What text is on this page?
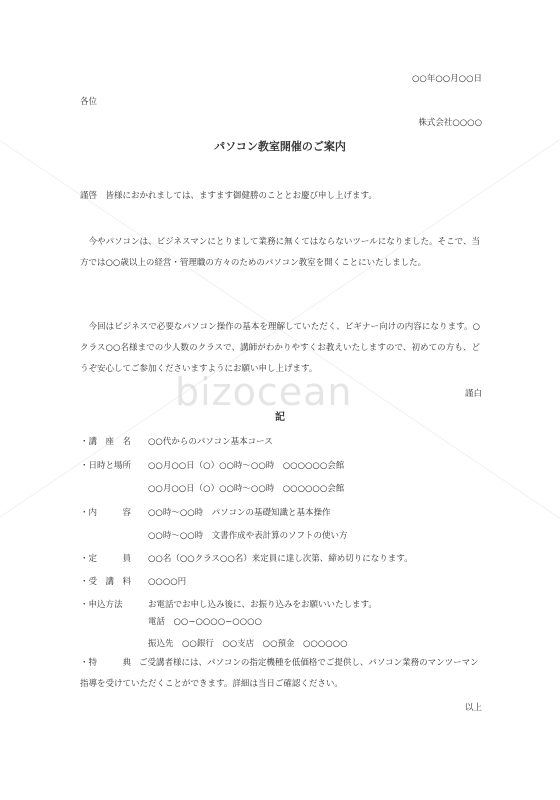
○○年○○月○○日
各位
株式会社○○○○
パソコン教室開催のご案内
謹啓　皆様におかれましては、ますます御健勝のこととお慶び申し上げます。
　今やパソコンは、ビジネスマンにとりまして業務に無くてはならないツールになりました。そこで、当方では○○歳以上の経営・管理職の方々のためのパソコン教室を開くことにいたしました。
　今回はビジネスで必要なパソコン操作の基本を理解していただく、ビギナー向けの内容になります。○クラス○○名様までの少人数のクラスで、講師がわかりやすくお教えいたしますので、初めての方も、どうぞ安心してご参加くださいますようにお願い申し上げます。
bizocean	謹白
記
・講　座　名 ○○代からのパソコン基本コース
・日時と場所 ○○月○○日（○）○○時〜○○時　○○○○○○会館
○○月○○日（○）○○時〜○○時　○○○○○○会館
・内　　　容 ○○時〜○○時　パソコンの基礎知識と基本操作
○○時〜○○時　文書作成や表計算のソフトの使い方
・定　　　員 ○○名（○○クラス○○名）来定員に達し次第、締め切りになります。
・受　講　料 ○○○○円
・申込方法	お電話でお申し込み後に、お振り込みをお願いいたします。
電話　○○−○○○○−○○○○
振込先　○○銀行　○○支店　○○預金　○○○○○○
・特　　　典 ご受講者様には、パソコンの指定機種を低価格でご提供し、パソコン業務のマンツーマン指導を受けていただくことができます。詳細は当日ご確認ください。
以上
